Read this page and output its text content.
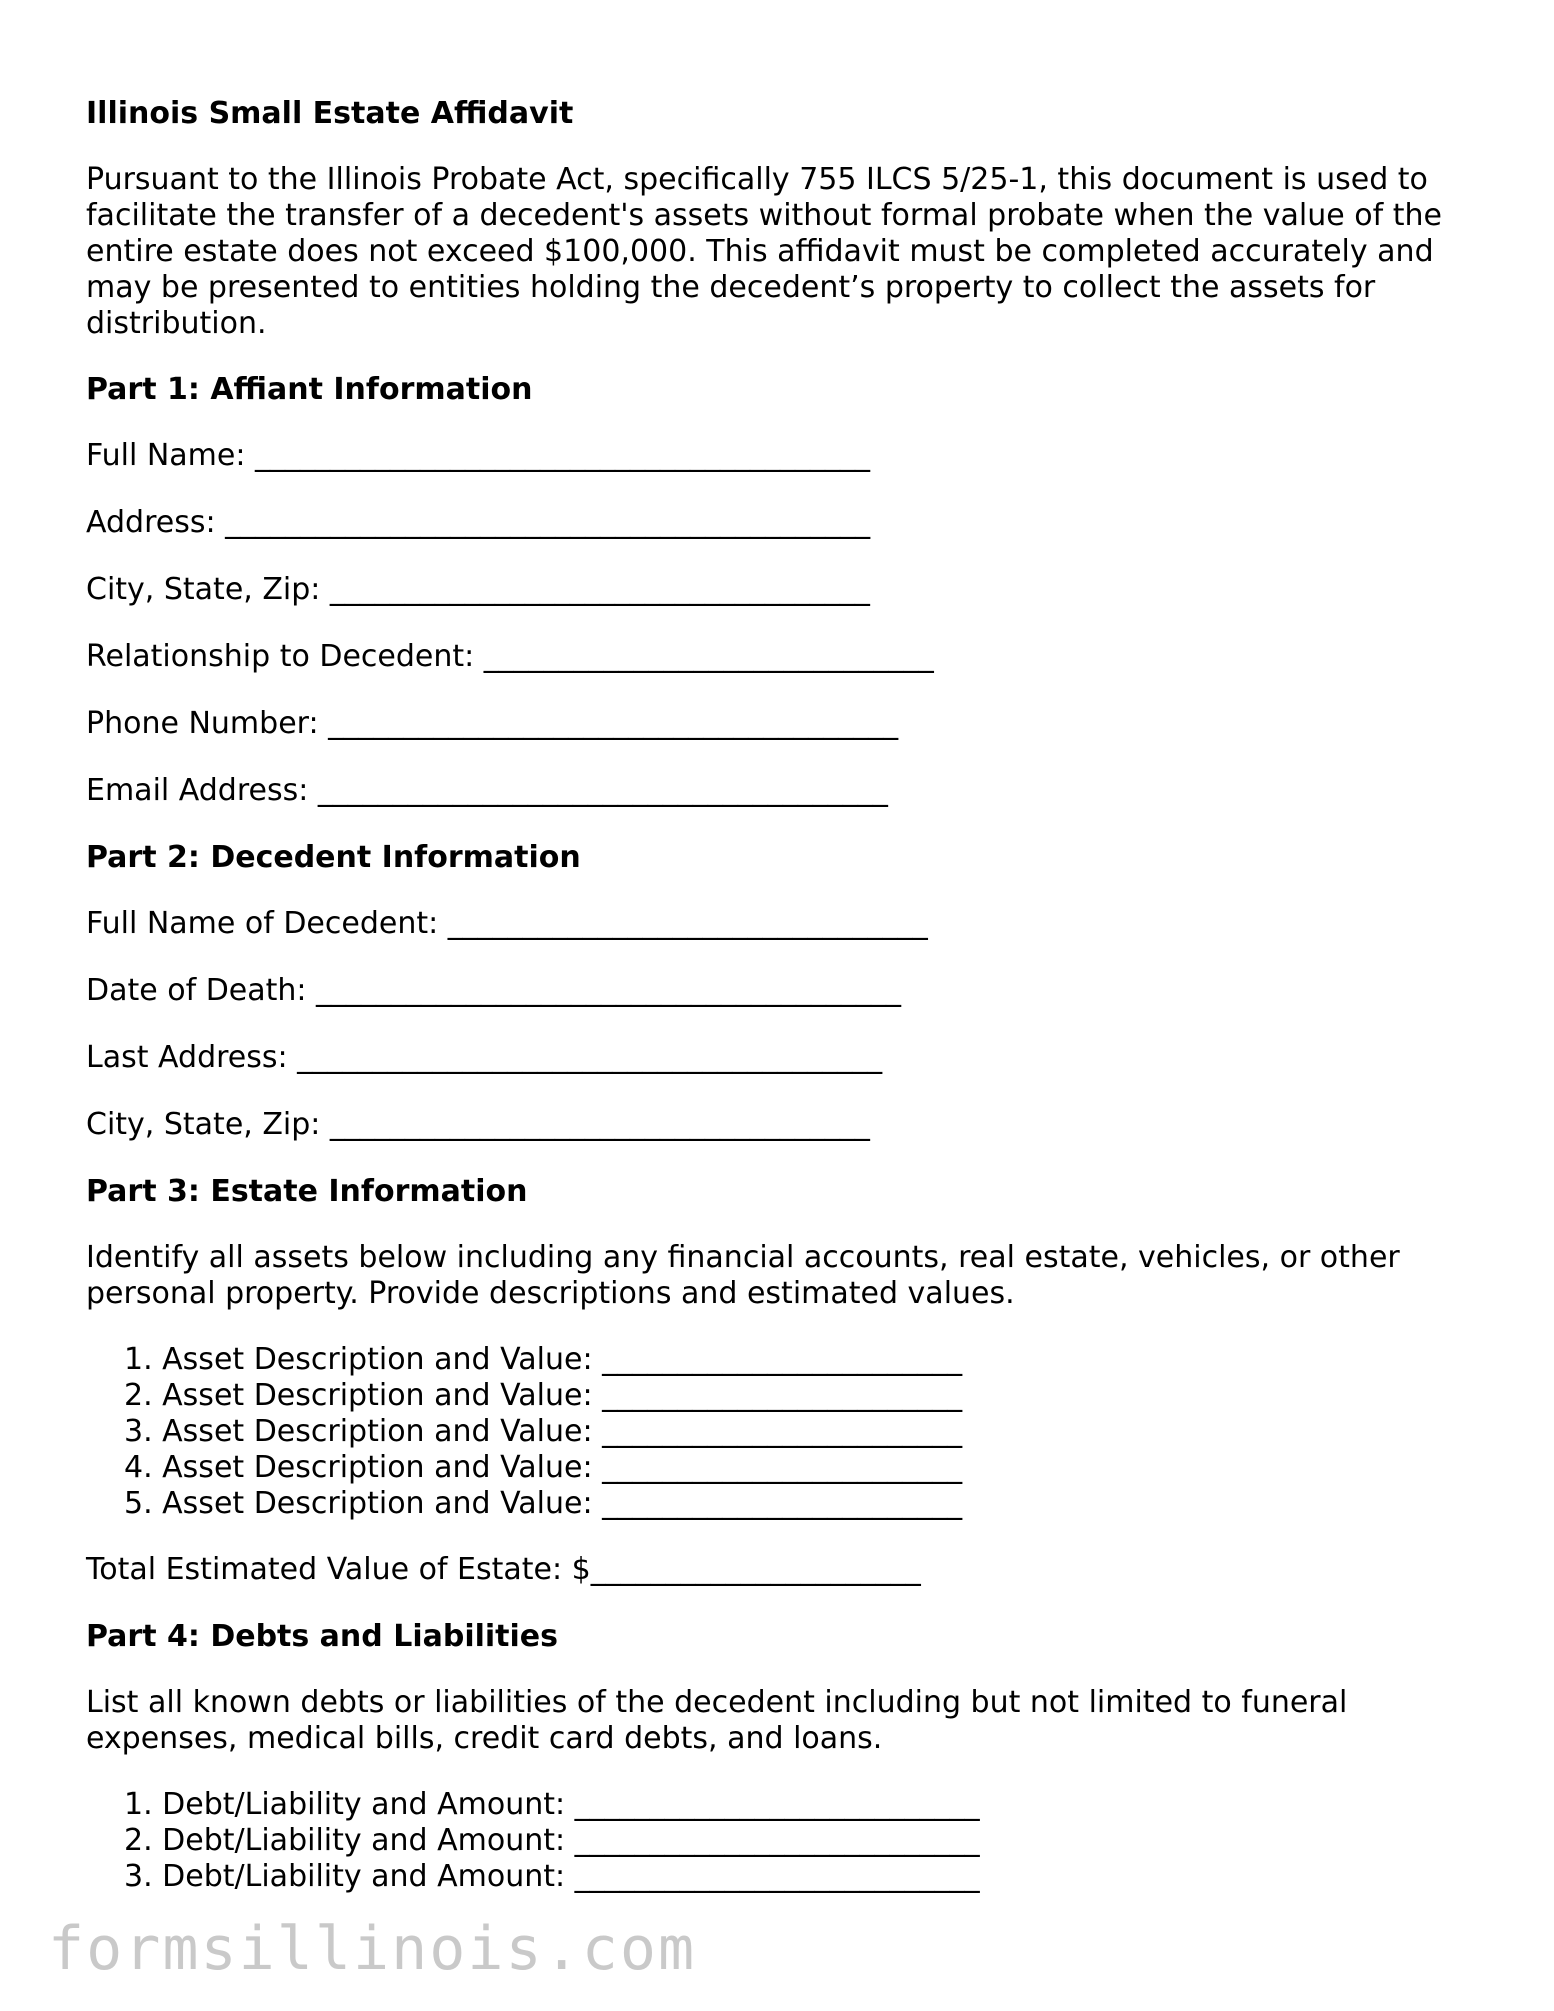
Illinois Small Estate Affidavit
Pursuant to the Illinois Probate Act, specifically 755 ILCS 5/25-1, this document is used to facilitate the transfer of a decedent's assets without formal probate when the value of the entire estate does not exceed $100,000. This affidavit must be completed accurately and may be presented to entities holding the decedent’s property to collect the assets for distribution.
Part 1: Affiant Information
Full Name: _________________________________________
Address: ___________________________________________
City, State, Zip: ____________________________________
Relationship to Decedent: ______________________________
Phone Number: ______________________________________
Email Address: ______________________________________
Part 2: Decedent Information
Full Name of Decedent: ________________________________
Date of Death: _______________________________________
Last Address: _______________________________________
City, State, Zip: ____________________________________
Part 3: Estate Information
Identify all assets below including any financial accounts, real estate, vehicles, or other personal property. Provide descriptions and estimated values.
1. Asset Description and Value: ________________________
2. Asset Description and Value: ________________________
3. Asset Description and Value: ________________________
4. Asset Description and Value: ________________________
5. Asset Description and Value: ________________________
Total Estimated Value of Estate: $______________________
Part 4: Debts and Liabilities
List all known debts or liabilities of the decedent including but not limited to funeral expenses, medical bills, credit card debts, and loans.
1. Debt/Liability and Amount: ___________________________
2. Debt/Liability and Amount: ___________________________
3. Debt/Liability and Amount: ___________________________
formsillinois.com
